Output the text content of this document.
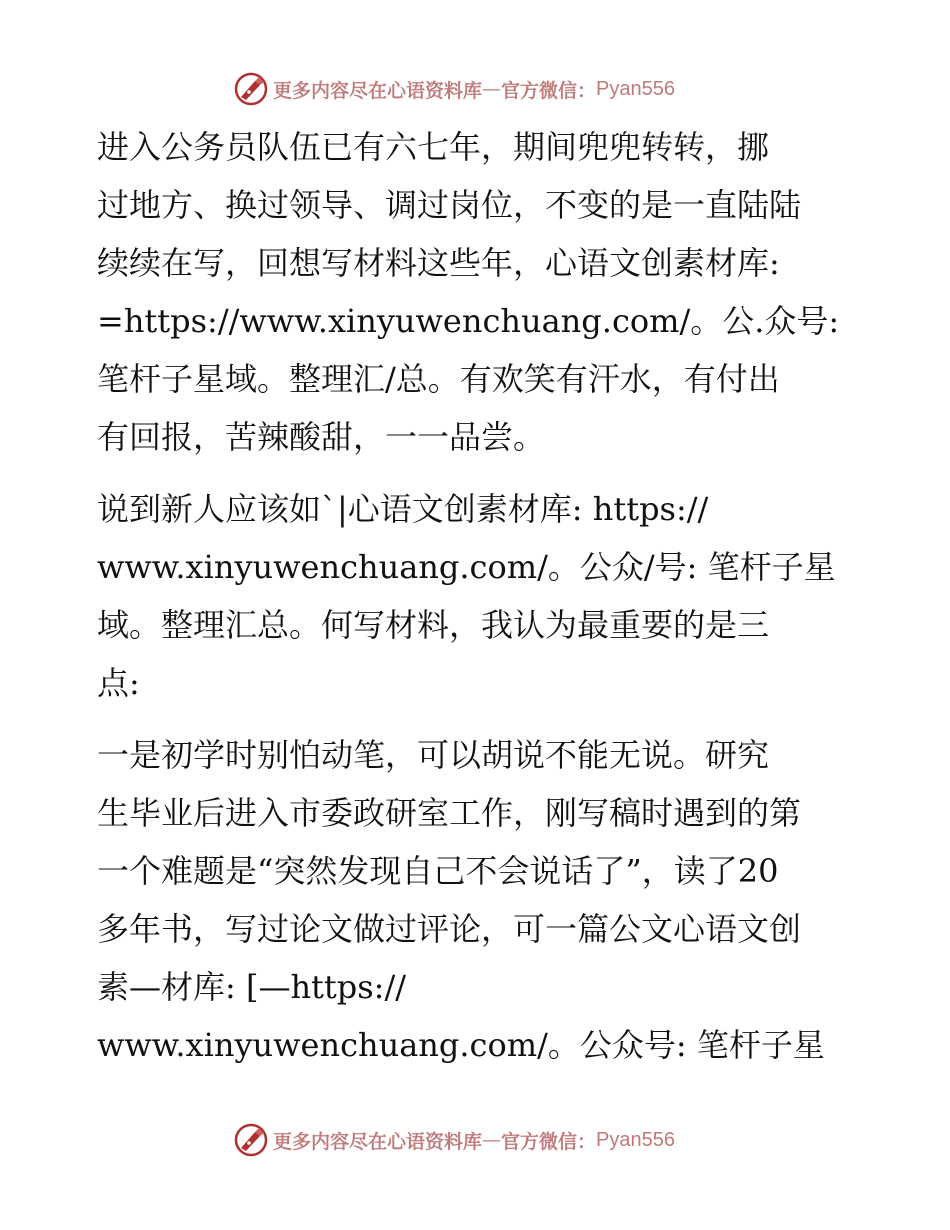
更多内容尽在心语资料库 — 官方微信： Pyan556

进入公务员队伍已有六七年，期间兜兜转转，挪
过地方、换过领导、调过岗位，不变的是一直陆陆
续续在写，回想写材料这些年，心语文创素材库:
=https://www.xinyuwenchuang.com/。公.众号:
笔杆子星域。整理汇/总。有欢笑有汗水，有付出
有回报，苦辣酸甜，一一品尝。

说到新人应该如`|心语文创素材库: https://
www.xinyuwenchuang.com/。公众/号: 笔杆子星
域。整理汇总。何写材料，我认为最重要的是三
点:

一是初学时别怕动笔，可以胡说不能无说。研究
生毕业后进入市委政研室工作，刚写稿时遇到的第
一个难题是“突然发现自己不会说话了”，读了20
多年书，写过论文做过评论，可一篇公文心语文创
素—材库: [—https://
www.xinyuwenchuang.com/。公众号: 笔杆子星

更多内容尽在心语资料库 — 官方微信： Pyan556
